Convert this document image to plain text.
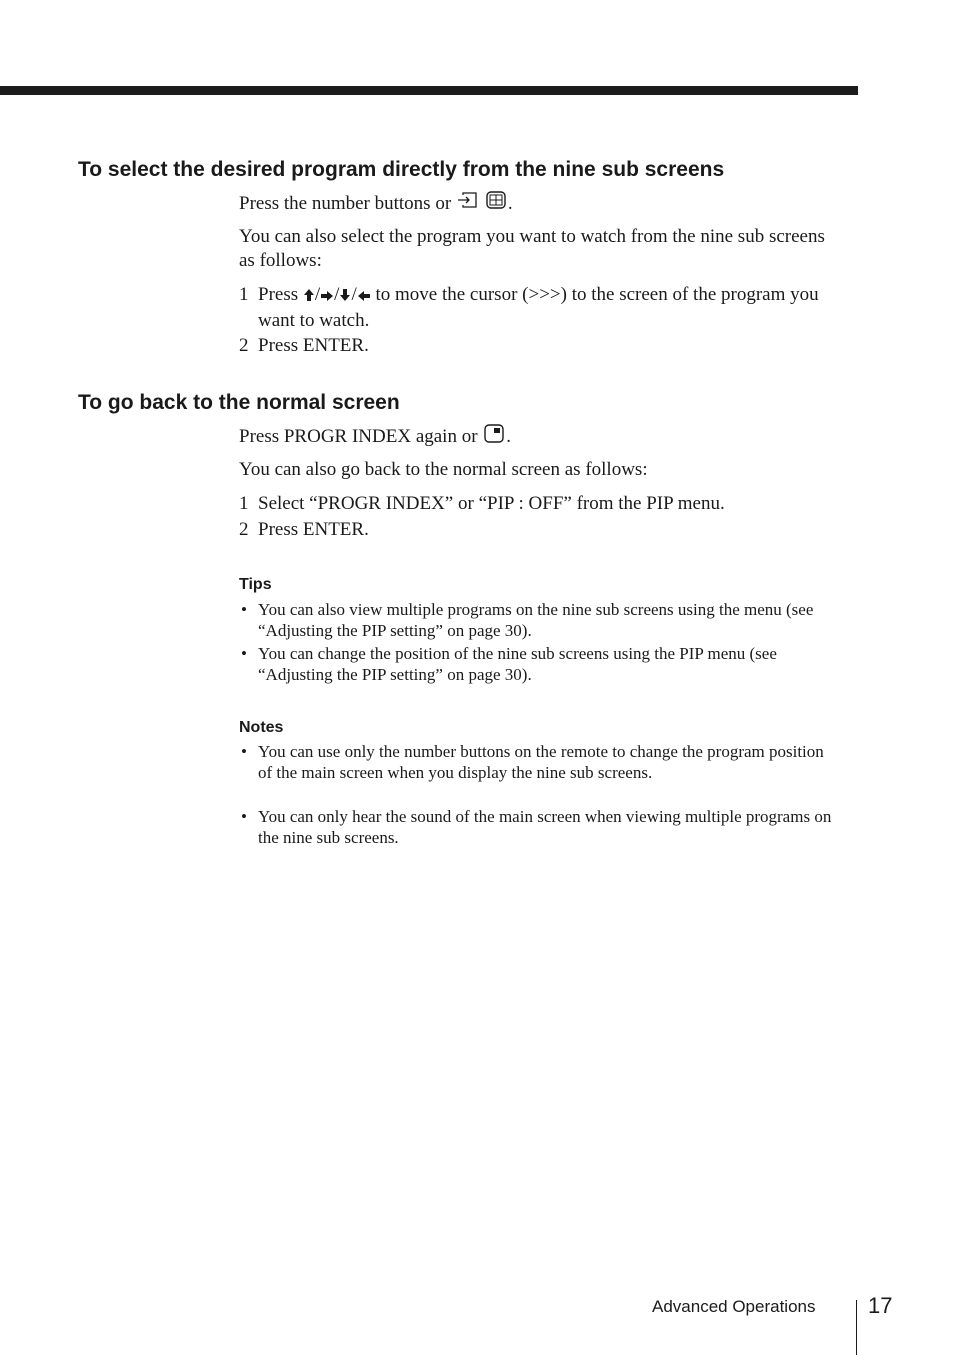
To select the desired program directly from the nine sub screens

Press the number buttons or	.

You can also select the program you want to watch from the nine sub screens as follows:

1 Press / / / to move the cursor (>>>) to the screen of the program you want to watch.
2 Press ENTER.
To go back to the normal screen

Press PROGR INDEX again or .

You can also go back to the normal screen as follows:

1 Select “PROGR INDEX” or “PIP : OFF” from the PIP menu.
2 Press ENTER.
Tips
• You can also view multiple programs on the nine sub screens using the menu (see “Adjusting the PIP setting” on page 30).
• You can change the position of the nine sub screens using the PIP menu (see “Adjusting the PIP setting” on page 30).
Notes
• You can use only the number buttons on the remote to change the program position of the main screen when you display the nine sub screens.
• You can only hear the sound of the main screen when viewing multiple programs on the nine sub screens.
Advanced Operations 17
